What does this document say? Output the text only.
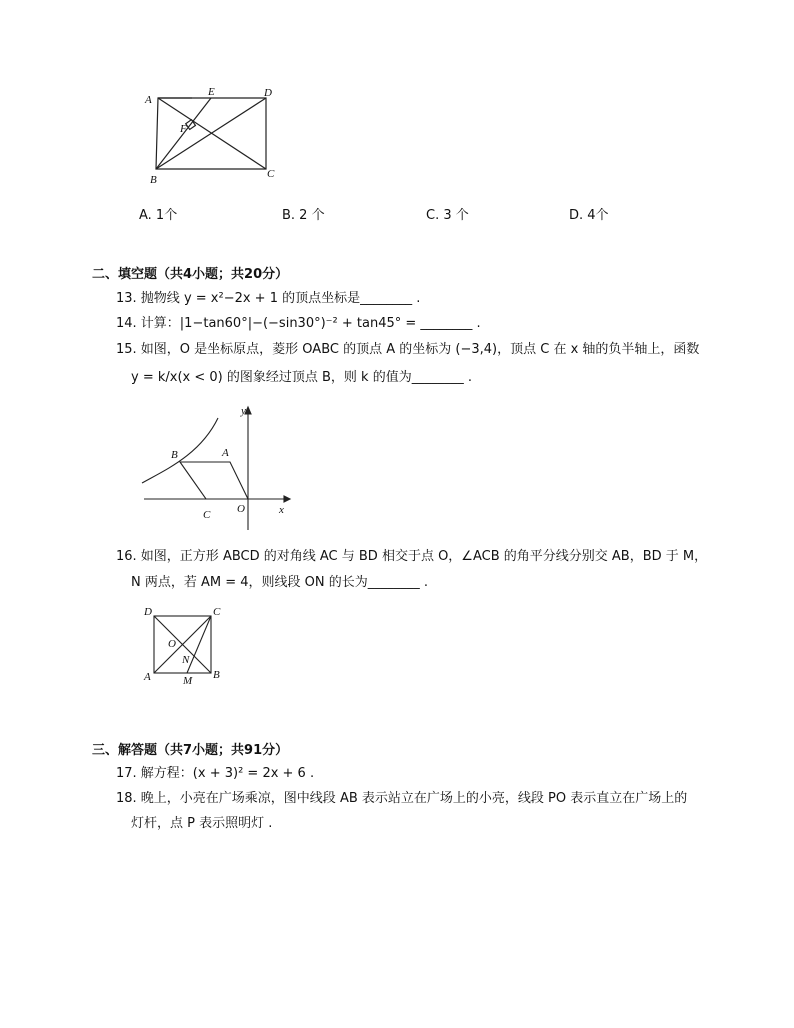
A
E	D
F
B	C
A. 1个	B. 2 个	C. 3 个	D. 4个
二、填空题（共4小题；共20分）
13. 抛物线 y = x²−2x + 1 的顶点坐标是________ .
14. 计算：|1−tan60°|−(−sin30°)⁻² + tan45° = ________ .
15. 如图，O 是坐标原点，菱形 OABC 的顶点 A 的坐标为 (−3,4)，顶点 C 在 x 轴的负半轴上，函数
y = k/x(x < 0) 的图象经过顶点 B，则 k 的值为________ .
y
B	A
C O	x
16. 如图，正方形 ABCD 的对角线 AC 与 BD 相交于点 O，∠ACB 的角平分线分别交 AB，BD 于 M，
N 两点，若 AM = 4，则线段 ON 的长为________ .
D	C
O
N
A	M B
三、解答题（共7小题；共91分）
17. 解方程：(x + 3)² = 2x + 6 .
18. 晚上，小亮在广场乘凉，图中线段 AB 表示站立在广场上的小亮，线段 PO 表示直立在广场上的
灯杆，点 P 表示照明灯 .
